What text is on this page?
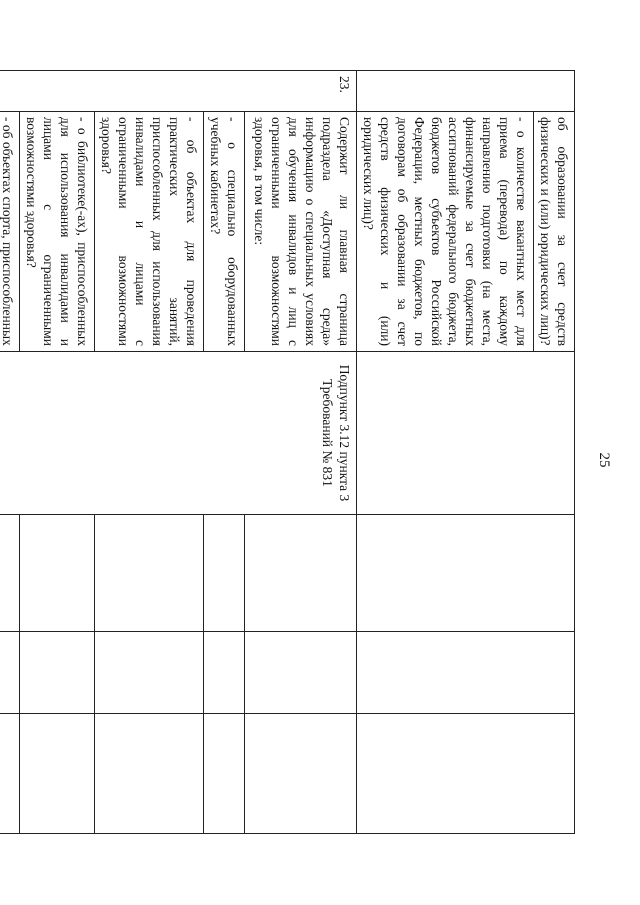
25

	об образовании за счет средств физических и (или) юридических лиц)?				

	- о количестве вакантных мест для приема (перевода) по каждому направлению подготовки (на места, финансируемые за счет бюджетных ассигнований федерального бюджета, бюджетов субъектов Российской Федерации, местных бюджетов, по договорам об образовании за счет средств физических и (или) юридических лиц)?				

23.	Содержит ли главная страница подраздела «Доступная среда» информацию о специальных условиях для обучения инвалидов и лиц с ограниченными возможностями здоровья, в том числе:	Подпункт 3.12 пункта 3 Требований № 831			

	- о специально оборудованных учебных кабинетах?				

	- об объектах для проведения практических занятий, приспособленных для использования инвалидами и лицами с ограниченными возможностями здоровья?				

	- о библиотеке(-ах), приспособленных для использования инвалидами и лицами с ограниченными возможностями здоровья?				

	- об объектах спорта, приспособленных				
